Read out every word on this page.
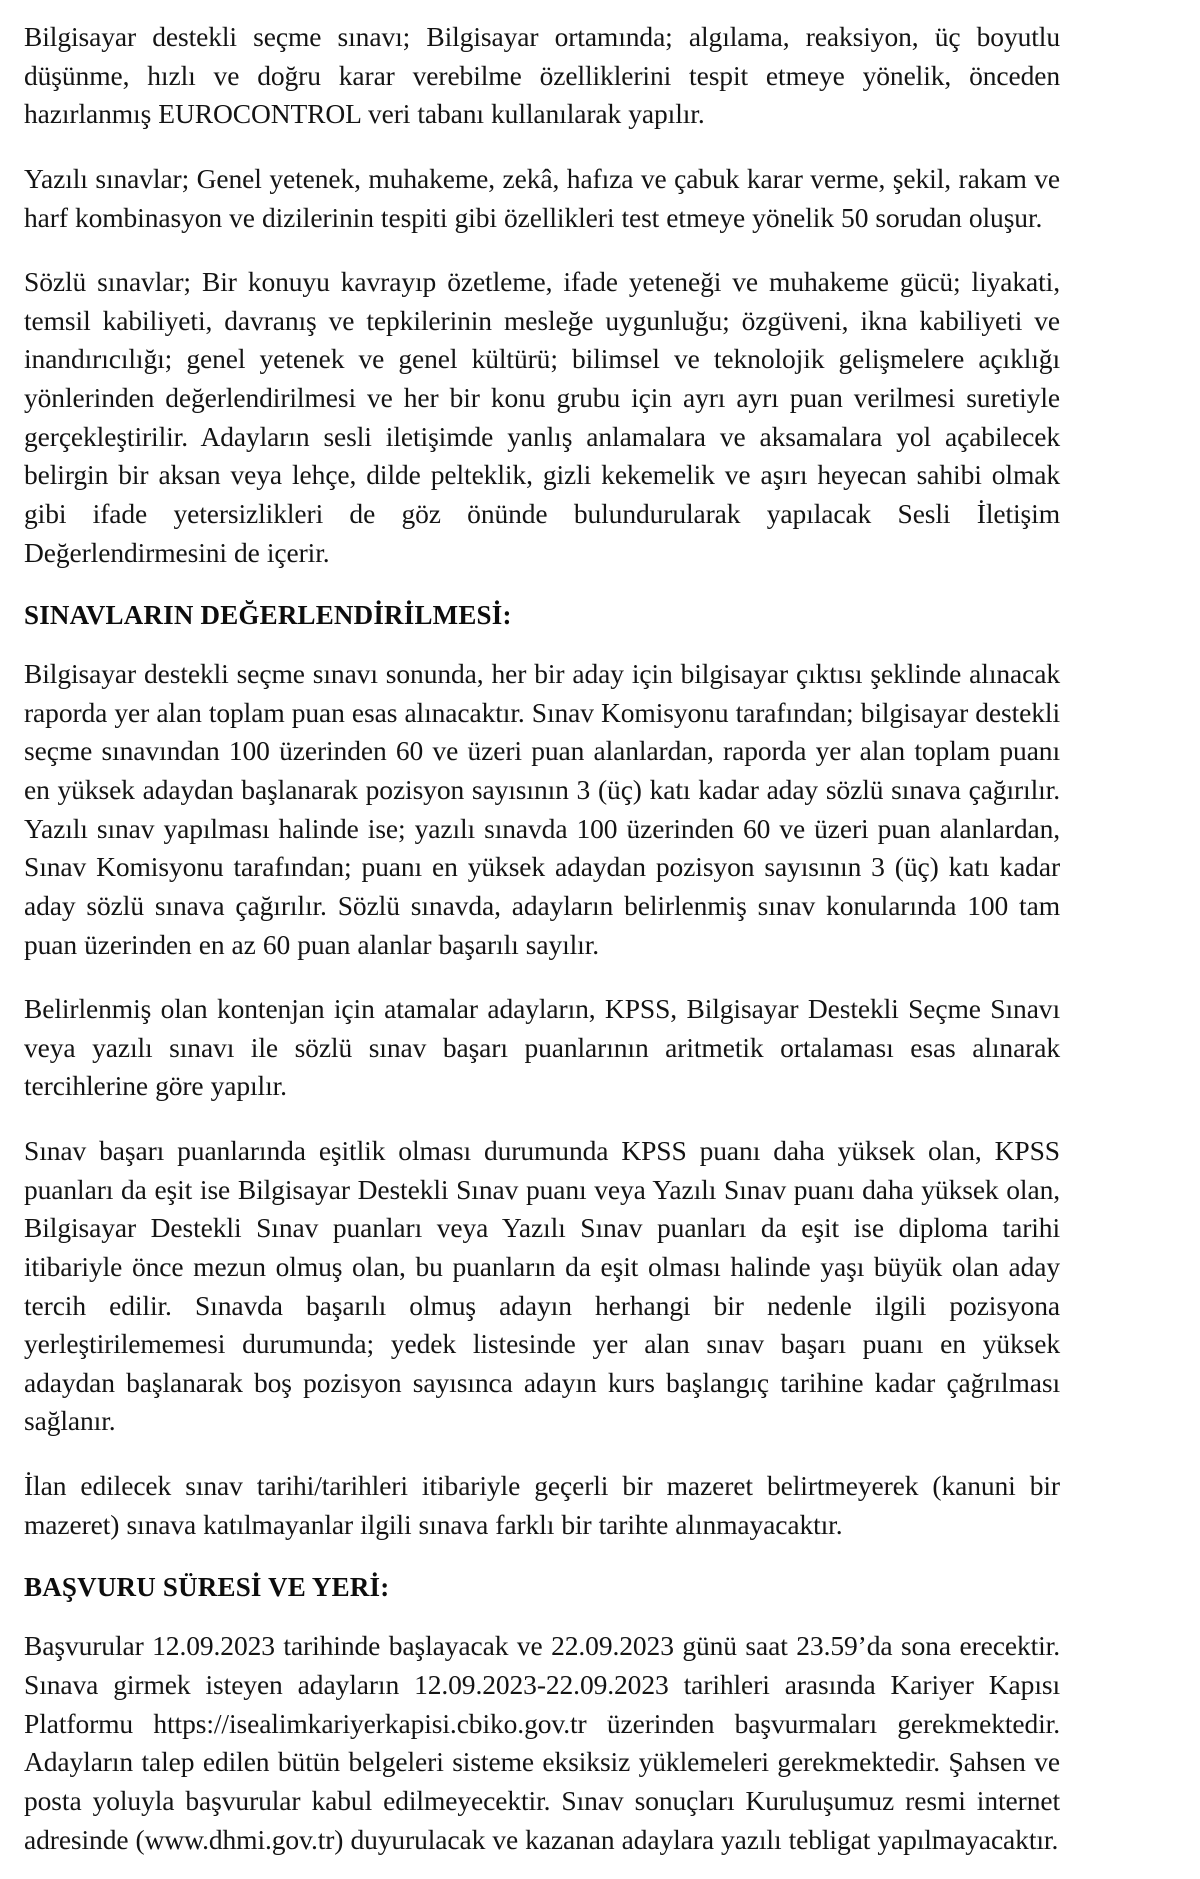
Bilgisayar destekli seçme sınavı; Bilgisayar ortamında; algılama, reaksiyon, üç boyutlu düşünme, hızlı ve doğru karar verebilme özelliklerini tespit etmeye yönelik, önceden hazırlanmış EUROCONTROL veri tabanı kullanılarak yapılır.

Yazılı sınavlar; Genel yetenek, muhakeme, zekâ, hafıza ve çabuk karar verme, şekil, rakam ve harf kombinasyon ve dizilerinin tespiti gibi özellikleri test etmeye yönelik 50 sorudan oluşur.

Sözlü sınavlar; Bir konuyu kavrayıp özetleme, ifade yeteneği ve muhakeme gücü; liyakati, temsil kabiliyeti, davranış ve tepkilerinin mesleğe uygunluğu; özgüveni, ikna kabiliyeti ve inandırıcılığı; genel yetenek ve genel kültürü; bilimsel ve teknolojik gelişmelere açıklığı yönlerinden değerlendirilmesi ve her bir konu grubu için ayrı ayrı puan verilmesi suretiyle gerçekleştirilir. Adayların sesli iletişimde yanlış anlamalara ve aksamalara yol açabilecek belirgin bir aksan veya lehçe, dilde pelteklik, gizli kekemelik ve aşırı heyecan sahibi olmak gibi ifade yetersizlikleri de göz önünde bulundurularak yapılacak Sesli İletişim Değerlendirmesini de içerir.

SINAVLARIN DEĞERLENDİRİLMESİ:

Bilgisayar destekli seçme sınavı sonunda, her bir aday için bilgisayar çıktısı şeklinde alınacak raporda yer alan toplam puan esas alınacaktır. Sınav Komisyonu tarafından; bilgisayar destekli seçme sınavından 100 üzerinden 60 ve üzeri puan alanlardan, raporda yer alan toplam puanı en yüksek adaydan başlanarak pozisyon sayısının 3 (üç) katı kadar aday sözlü sınava çağırılır. Yazılı sınav yapılması halinde ise; yazılı sınavda 100 üzerinden 60 ve üzeri puan alanlardan, Sınav Komisyonu tarafından; puanı en yüksek adaydan pozisyon sayısının 3 (üç) katı kadar aday sözlü sınava çağırılır. Sözlü sınavda, adayların belirlenmiş sınav konularında 100 tam puan üzerinden en az 60 puan alanlar başarılı sayılır.

Belirlenmiş olan kontenjan için atamalar adayların, KPSS, Bilgisayar Destekli Seçme Sınavı veya yazılı sınavı ile sözlü sınav başarı puanlarının aritmetik ortalaması esas alınarak tercihlerine göre yapılır.

Sınav başarı puanlarında eşitlik olması durumunda KPSS puanı daha yüksek olan, KPSS puanları da eşit ise Bilgisayar Destekli Sınav puanı veya Yazılı Sınav puanı daha yüksek olan, Bilgisayar Destekli Sınav puanları veya Yazılı Sınav puanları da eşit ise diploma tarihi itibariyle önce mezun olmuş olan, bu puanların da eşit olması halinde yaşı büyük olan aday tercih edilir. Sınavda başarılı olmuş adayın herhangi bir nedenle ilgili pozisyona yerleştirilememesi durumunda; yedek listesinde yer alan sınav başarı puanı en yüksek adaydan başlanarak boş pozisyon sayısınca adayın kurs başlangıç tarihine kadar çağrılması sağlanır.

İlan edilecek sınav tarihi/tarihleri itibariyle geçerli bir mazeret belirtmeyerek (kanuni bir mazeret) sınava katılmayanlar ilgili sınava farklı bir tarihte alınmayacaktır.

BAŞVURU SÜRESİ VE YERİ:

Başvurular 12.09.2023 tarihinde başlayacak ve 22.09.2023 günü saat 23.59’da sona erecektir. Sınava girmek isteyen adayların 12.09.2023-22.09.2023 tarihleri arasında Kariyer Kapısı Platformu https://isealimkariyerkapisi.cbiko.gov.tr üzerinden başvurmaları gerekmektedir. Adayların talep edilen bütün belgeleri sisteme eksiksiz yüklemeleri gerekmektedir. Şahsen ve posta yoluyla başvurular kabul edilmeyecektir. Sınav sonuçları Kuruluşumuz resmi internet adresinde (www.dhmi.gov.tr) duyurulacak ve kazanan adaylara yazılı tebligat yapılmayacaktır.
